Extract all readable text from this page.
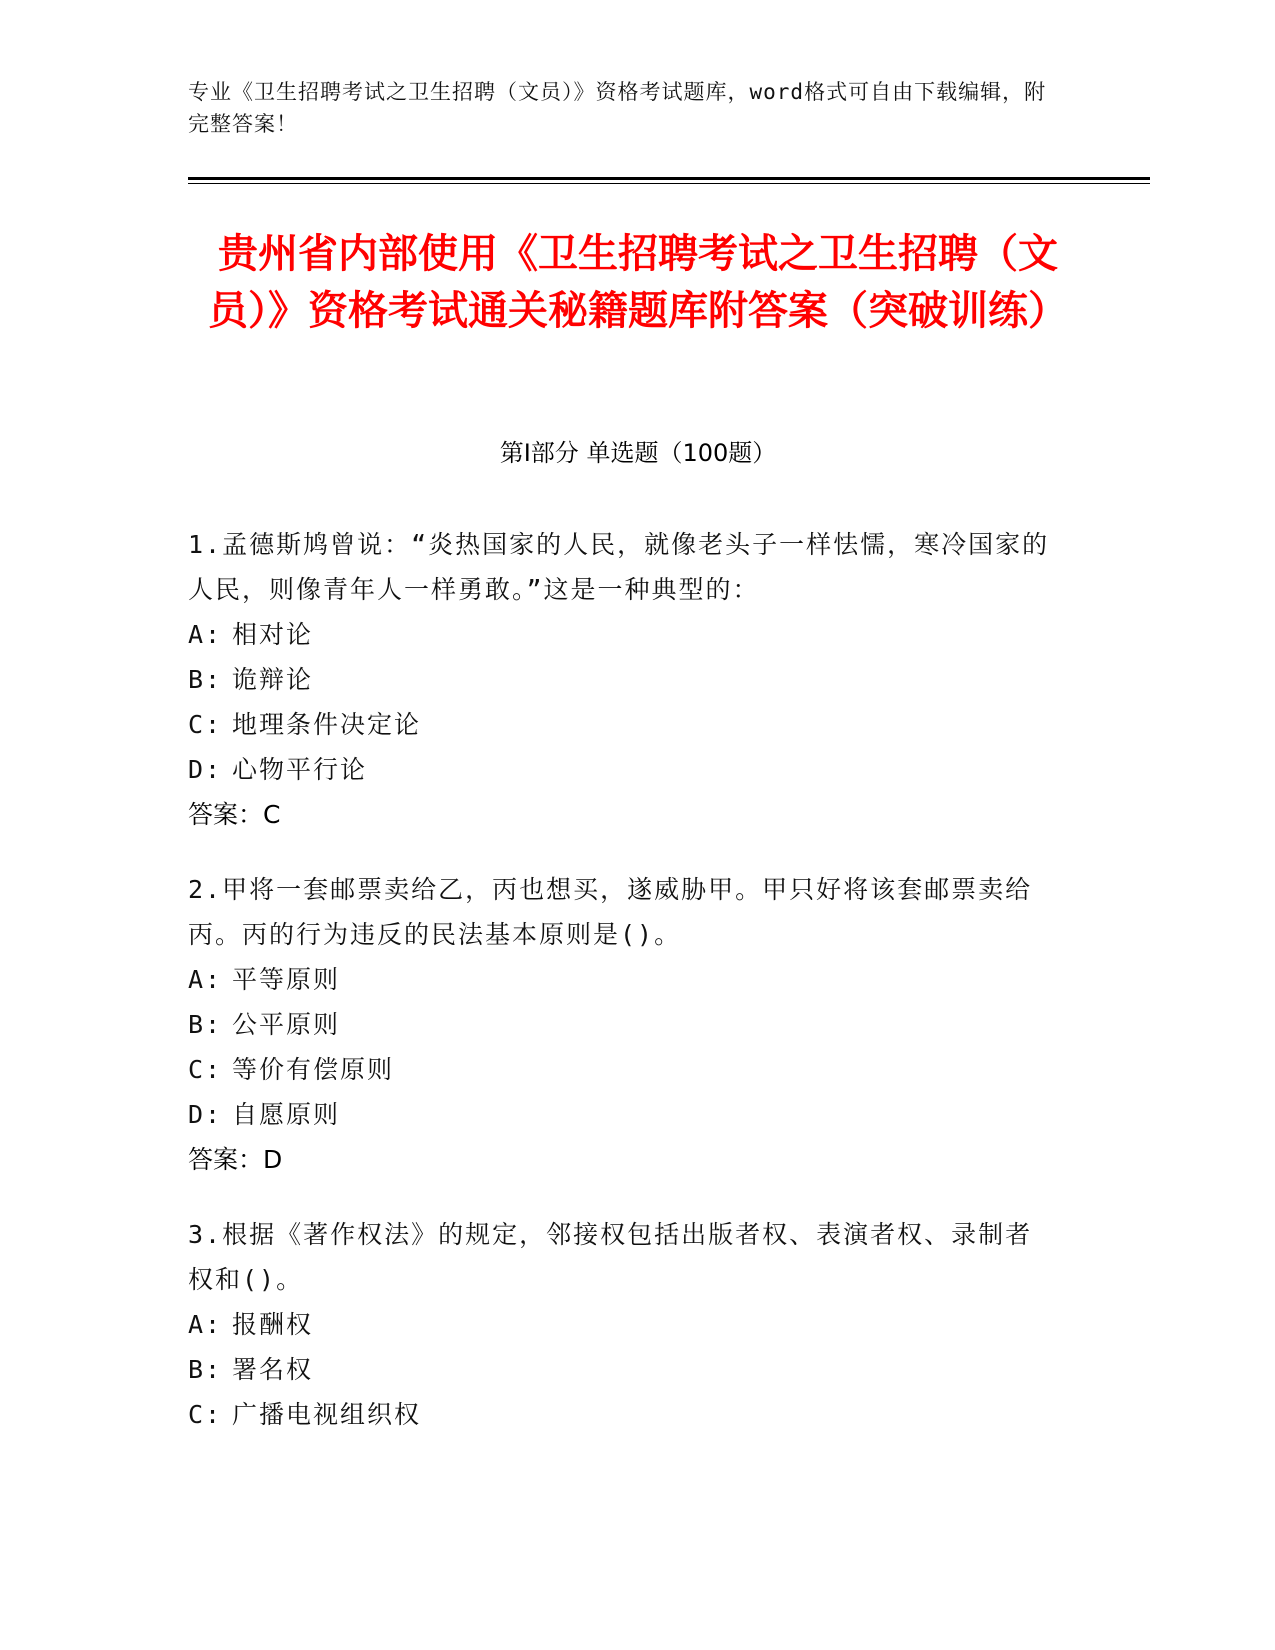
专业《卫生招聘考试之卫生招聘（文员）》资格考试题库，word格式可自由下载编辑，附完整答案！
贵州省内部使用《卫生招聘考试之卫生招聘（文员）》资格考试通关秘籍题库附答案（突破训练）
第Ⅰ部分 单选题（100题）
1.孟德斯鸠曾说：“炎热国家的人民，就像老头子一样怯懦，寒冷国家的人民，则像青年人一样勇敢。”这是一种典型的：
A: 相对论
B: 诡辩论
C: 地理条件决定论
D: 心物平行论
答案：C
2.甲将一套邮票卖给乙，丙也想买，遂威胁甲。甲只好将该套邮票卖给丙。丙的行为违反的民法基本原则是()。
A: 平等原则
B: 公平原则
C: 等价有偿原则
D: 自愿原则
答案：D
3.根据《著作权法》的规定，邻接权包括出版者权、表演者权、录制者权和()。
A: 报酬权
B: 署名权
C: 广播电视组织权
